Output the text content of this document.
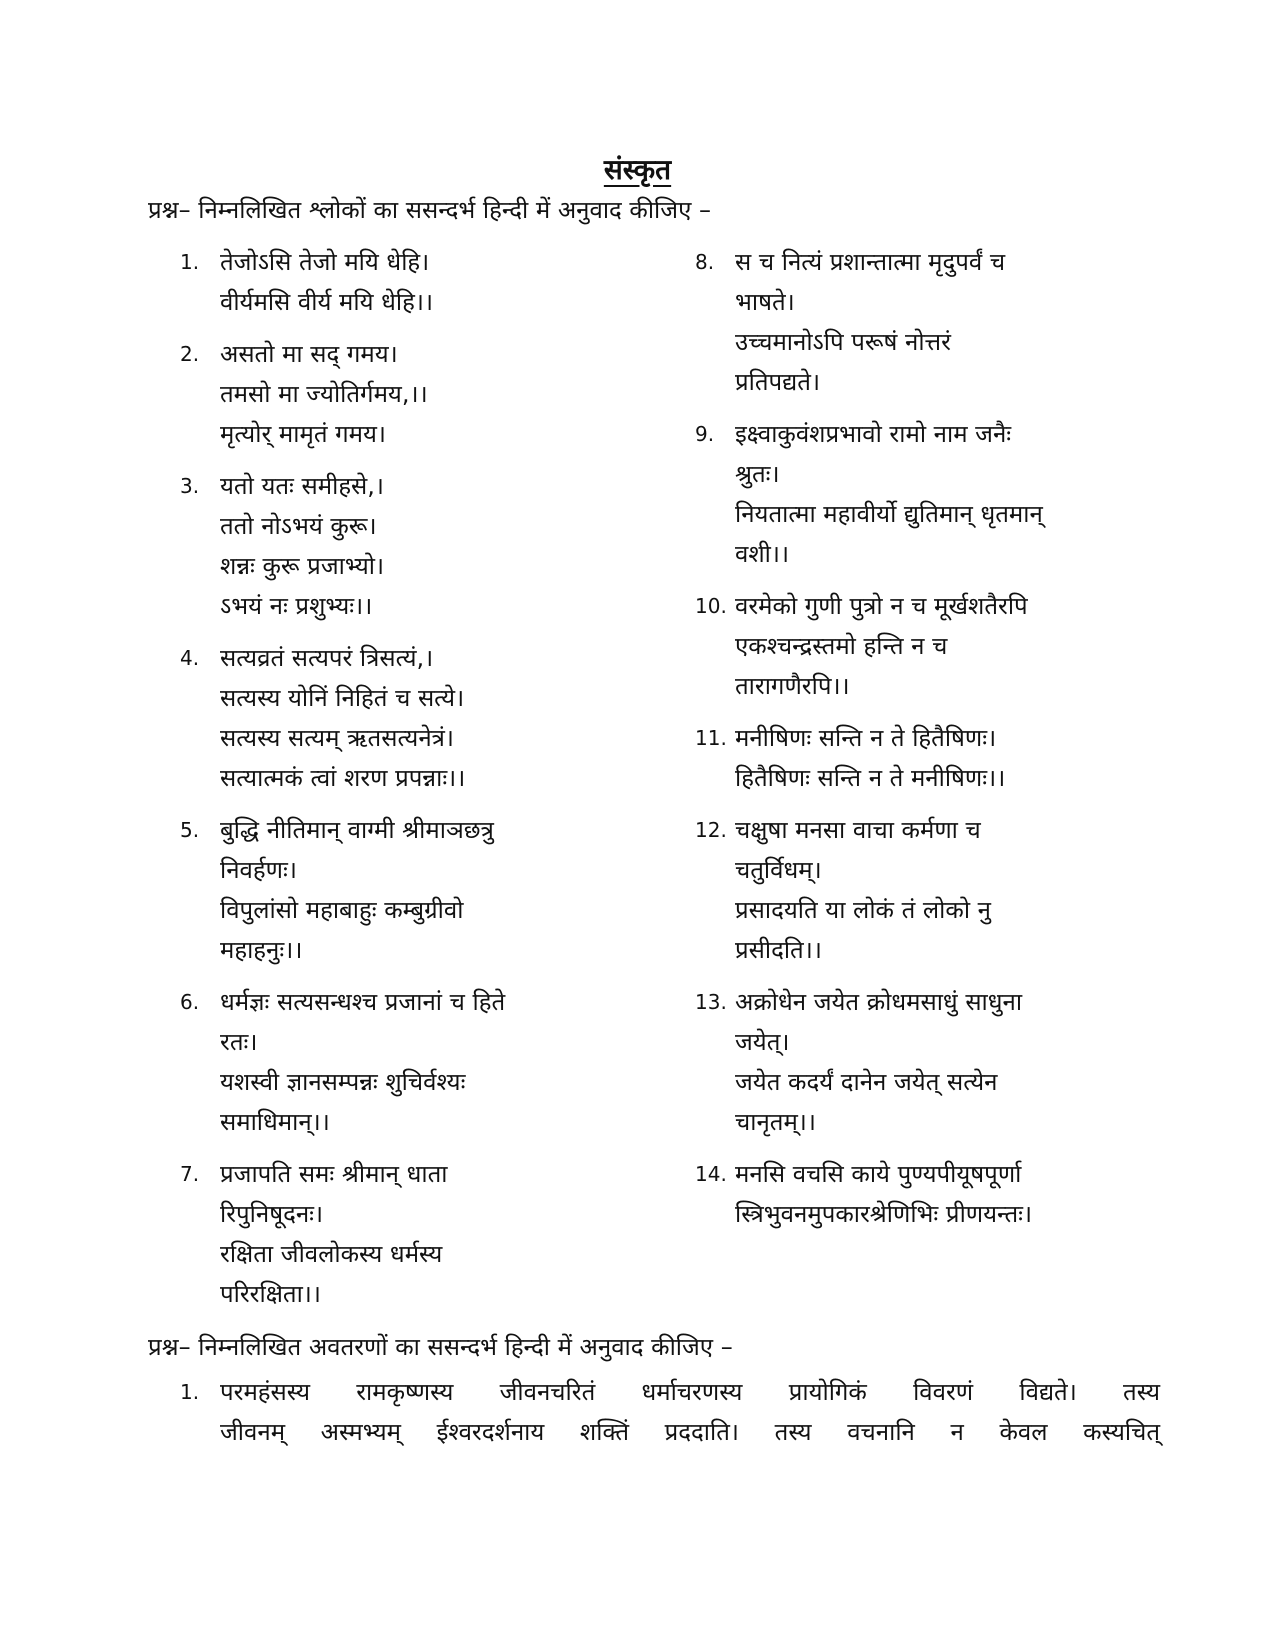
संस्कृत
प्रश्न– निम्नलिखित श्लोकों का ससन्दर्भ हिन्दी में अनुवाद कीजिए –
1. तेजोऽसि तेजो मयि धेहि।
वीर्यमसि वीर्य मयि धेहि।।
2. असतो मा सद् गमय।
तमसो मा ज्योतिर्गमय,।।
मृत्योर् मामृतं गमय।
3. यतो यतः समीहसे,।
ततो नोऽभयं कुरू।
शन्नः कुरू प्रजाभ्यो।
ऽभयं नः प्रशुभ्यः।।
4. सत्यव्रतं सत्यपरं त्रिसत्यं,।
सत्यस्य योनिं निहितं च सत्ये।
सत्यस्य सत्यम् ऋतसत्यनेत्रं।
सत्यात्मकं त्वां शरण प्रपन्नाः।।
5. बुद्धि नीतिमान् वाग्मी श्रीमाञछत्रु
निवर्हणः।
विपुलांसो महाबाहुः कम्बुग्रीवो
महाहनुः।।
6. धर्मज्ञः सत्यसन्धश्च प्रजानां च हिते
रतः।
यशस्वी ज्ञानसम्पन्नः शुचिर्वश्यः
समाधिमान्।।
7. प्रजापति समः श्रीमान् धाता
रिपुनिषूदनः।
रक्षिता जीवलोकस्य धर्मस्य
परिरक्षिता।।
8. स च नित्यं प्रशान्तात्मा मृदुपर्वं च
भाषते।
उच्चमानोऽपि परूषं नोत्तरं
प्रतिपद्यते।
9. इक्ष्वाकुवंशप्रभावो रामो नाम जनैः
श्रुतः।
नियतात्मा महावीर्यो द्युतिमान् धृतमान्
वशी।।
10. वरमेको गुणी पुत्रो न च मूर्खशतैरपि
एकश्चन्द्रस्तमो हन्ति न च
तारागणैरपि।।
11. मनीषिणः सन्ति न ते हितैषिणः।
हितैषिणः सन्ति न ते मनीषिणः।।
12. चक्षुषा मनसा वाचा कर्मणा च
चतुर्विधम्।
प्रसादयति या लोकं तं लोको नु
प्रसीदति।।
13. अक्रोधेन जयेत क्रोधमसाधुं साधुना
जयेत्।
जयेत कदर्यं दानेन जयेत् सत्येन
चानृतम्।।
14. मनसि वचसि काये पुण्यपीयूषपूर्णा
स्त्रिभुवनमुपकारश्रेणिभिः प्रीणयन्तः।
प्रश्न– निम्नलिखित अवतरणों का ससन्दर्भ हिन्दी में अनुवाद कीजिए –
1. परमहंसस्य रामकृष्णस्य जीवनचरितं धर्माचरणस्य प्रायोगिकं विवरणं विद्यते। तस्य
जीवनम् अस्मभ्यम् ईश्वरदर्शनाय शक्तिं प्रददाति। तस्य वचनानि न केवल कस्यचित्
